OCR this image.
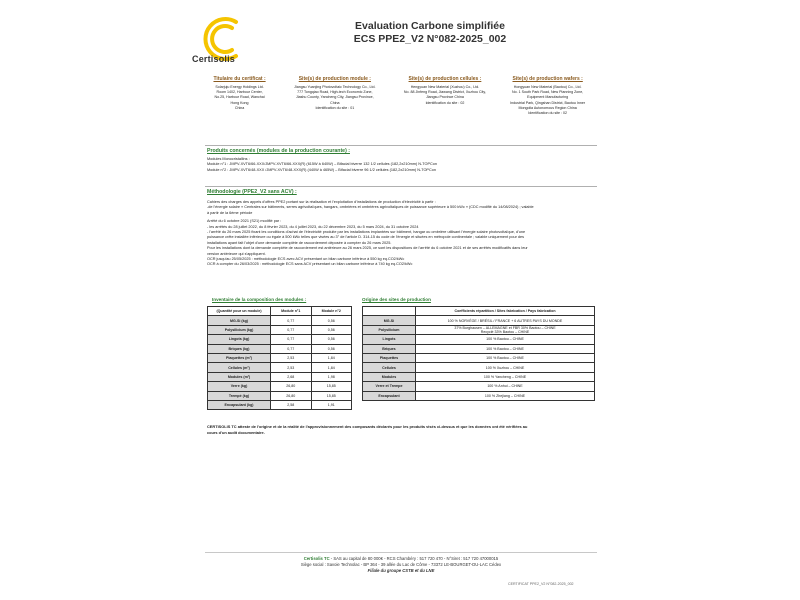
Certisolis
Evaluation Carbone simplifiée
ECS PPE2_V2 N°082-2025_002
Titulaire du certificat :
Solarjuju Energy Holdings Ltd.
Room 1402, Harbour Center,
No.25, Harbour Road, Wanchai
Hong Kong
China
Site(s) de production module :
Jiangsu Yuanjing Photovoltaic Technology Co., Ltd.
777 Tongqiao Road, High-tech Economic Zone,
Jiashu County, Yancheng City, Jiangsu Province,
China
Identification du site : 01
Site(s) de production cellules :
Hengyuan New Material (Xuzhou) Co., Ltd.
No. 88 Jinfeng Road, Jiawang District, Xuzhou City,
Jiangsu Province China
Identification du site : 02
Site(s) de production wafers :
Hongyuan New Material (Baotou) Co., Ltd.
No. 1 South Park Road, New Planning Zone,
Equipment Manufacturing
Industrial Park, Qingshan District, Baotou Inner
Mongolia Autonomous Region China
Identification du site : 02
Produits concernés (modules de la production courante) :
Modules Monocristallins :
Module n°1 : JMPV-XVT6/66-XXX/JMPV-XVT6/66-XXX(R) (615W à 640W) – Bifacial biverre 132 1/2 cellules (182,2x210mm) N-TOPCon
Module n°2 : JMPV-XVT6/48-XXX /JMPV-XVT6/48-XXX(R) (440W à 465W) – Bifacial biverre 96 1/2 cellules (182,2x210mm) N-TOPCon
Méthodologie (PPE2_V2 sans ACV) :
Cahiers des charges des appels d'offres PPE2 portant sur la réalisation et l'exploitation d'installations de production d'électricité à partir :
-de l'énergie solaire « Centrales sur bâtiments, serres agrivoltaïques, hangars, ombrières et ombrières agrivoltaïques de puissance supérieure à 500 kWc » (CDC modifié du 14/08/2024) ; valable
à partir de la 6ème période
Arrêté du 6 octobre 2021 (S21) modifié par :
- les arrêtés du 28 juillet 2022, du 8 février 2023, du 4 juillet 2023, du 22 décembre 2023, du 5 mars 2024, du 31 octobre 2024
- l'arrêté du 26 mars 2025 fixant les conditions d'achat de l'électricité produite par les installations implantées sur bâtiment, hangar ou ombrière utilisant l'énergie solaire photovoltaïque, d'une
puissance crête installée inférieure ou égale à 500 kWc telles que visées au 3° de l'article D. 314-15 du code de l'énergie et situées en métropole continentale ; valable uniquement pour des
installations ayant fait l'objet d'une demande complète de raccordement déposée à compter du 26 mars 2025.
Pour les installations dont la demande complète de raccordement est antérieure au 26 mars 2025, ce sont les dispositions de l'arrêté du 6 octobre 2021 et de ses arrêtés modificatifs dans leur
version antérieure qui s'appliquent.
OCR jusqu'au 25/05/2025 : méthodologie ECS avec ACV présentant un bilan carbone inférieur à 550 kg eq.CO2/kWc
OCR à compter du 26/03/2025 : méthodologie ECS sans ACV présentant un bilan carbone inférieur à 740 kg eq.CO2/kWc
Inventaire de la composition des modules :	Origine des sites de production
(Quantité pour un module)	Module n°1	Module n°2
MG-Si (kg)	0,77	0,56
Polysilicium (kg)	0,77	0,56
Lingots (kg)	0,77	0,56
Briques (kg)	0,77	0,56
Plaquettes (m²)	2,53	1,84
Cellules (m²)	2,53	1,84
Modules (m²)	2,68	1,98
Verre (kg)	26,80	15,85
Trempé (kg)	26,80	15,85
Encapsulant (kg)	2,58	1,91
	Coefficients répartition / Sites fabrication / Pays fabrication
MG-Si	100 % NORVÈGE / BRÉSIL / FRANCE + 6 AUTRES PAYS DU MONDE
Polysilicium	37% Burghausen – ALLEMAGNE et FBR 30% Baotou – CHINE
Recyclé 33% Baotou – CHINE
Lingots	100 % Baotou – CHINE
Briques	100 % Baotou – CHINE
Plaquettes	100 % Baotou – CHINE
Cellules	100 % Xuzhou – CHINE
Modules	100 % Yancheng – CHINE
Verre et Trempe	100 % Anhui – CHINE
Encapsulant	100 % Zhejiang – CHINE
CERTISOLIS TC atteste de l'origine et de la réalité de l'approvisionnement des composants déclarés pour les produits visés ci-dessus et que les données ont été vérifiées au
cours d'un audit documentaire.
Certisolis TC - SAS au capital de 80 000€ - RCS Chambéry : 517 720 470 - N°Siret : 517 720 47000015
Siège social : Savoie Technolac - BP 364 - 39 allée du Lac de Côme - 73372 LE-BOURGET-DU-LAC Cédex
Filiale du groupe CSTB et du LNE
CERTIFICAT PPE2_V2 N°082-2025_002
